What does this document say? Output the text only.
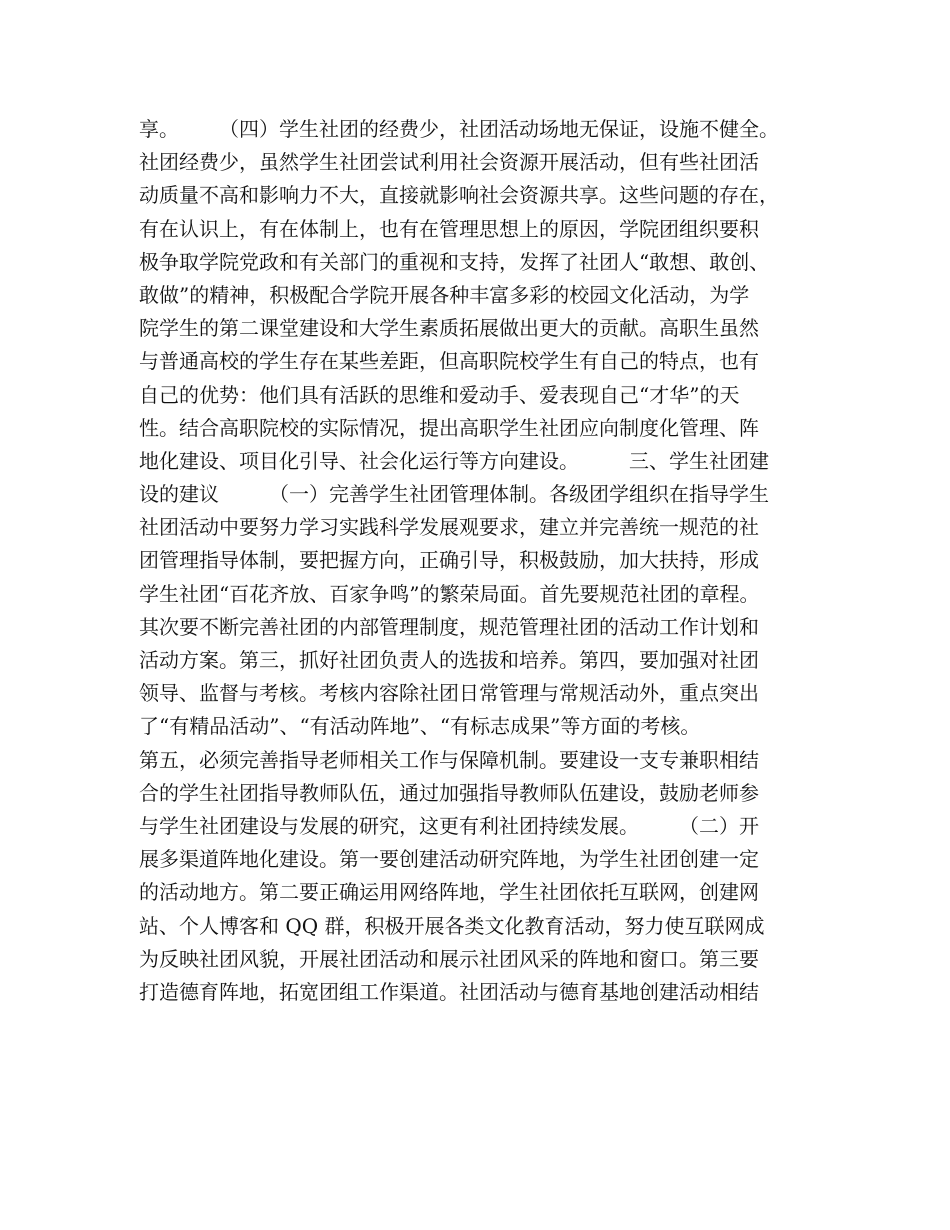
享。　　　（四）学生社团的经费少，社团活动场地无保证，设施不健全。
社团经费少，虽然学生社团尝试利用社会资源开展活动，但有些社团活
动质量不高和影响力不大，直接就影响社会资源共享。这些问题的存在，
有在认识上，有在体制上，也有在管理思想上的原因，学院团组织要积
极争取学院党政和有关部门的重视和支持，发挥了社团人“敢想、敢创、
敢做”的精神，积极配合学院开展各种丰富多彩的校园文化活动，为学
院学生的第二课堂建设和大学生素质拓展做出更大的贡献。高职生虽然
与普通高校的学生存在某些差距，但高职院校学生有自己的特点，也有
自己的优势：他们具有活跃的思维和爱动手、爱表现自己“才华”的天
性。结合高职院校的实际情况，提出高职学生社团应向制度化管理、阵
地化建设、项目化引导、社会化运行等方向建设。　　　三、学生社团建
设的建议　　　（一）完善学生社团管理体制。各级团学组织在指导学生
社团活动中要努力学习实践科学发展观要求，建立并完善统一规范的社
团管理指导体制，要把握方向，正确引导，积极鼓励，加大扶持，形成
学生社团“百花齐放、百家争鸣”的繁荣局面。首先要规范社团的章程。
其次要不断完善社团的内部管理制度，规范管理社团的活动工作计划和
活动方案。第三，抓好社团负责人的选拔和培养。第四，要加强对社团
领导、监督与考核。考核内容除社团日常管理与常规活动外，重点突出
了“有精品活动”、“有活动阵地”、“有标志成果”等方面的考核。
第五，必须完善指导老师相关工作与保障机制。要建设一支专兼职相结
合的学生社团指导教师队伍，通过加强指导教师队伍建设，鼓励老师参
与学生社团建设与发展的研究，这更有利社团持续发展。　　　（二）开
展多渠道阵地化建设。第一要创建活动研究阵地，为学生社团创建一定
的活动地方。第二要正确运用网络阵地，学生社团依托互联网，创建网
站、个人博客和 QQ 群，积极开展各类文化教育活动，努力使互联网成
为反映社团风貌，开展社团活动和展示社团风采的阵地和窗口。第三要
打造德育阵地，拓宽团组工作渠道。社团活动与德育基地创建活动相结
